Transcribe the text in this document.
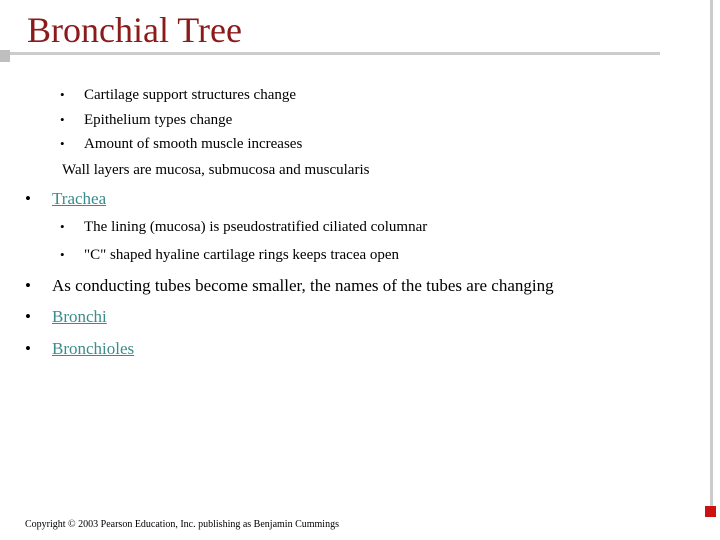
Bronchial Tree
• Cartilage support structures change
• Epithelium types change
• Amount of smooth muscle increases
Wall layers are mucosa, submucosa and muscularis
• Trachea
• The lining (mucosa) is pseudostratified ciliated columnar
• "C" shaped hyaline cartilage rings keeps tracea open
• As conducting tubes become smaller, the names of the tubes are changing
• Bronchi
• Bronchioles
Copyright © 2003 Pearson Education, Inc. publishing as Benjamin Cummings
